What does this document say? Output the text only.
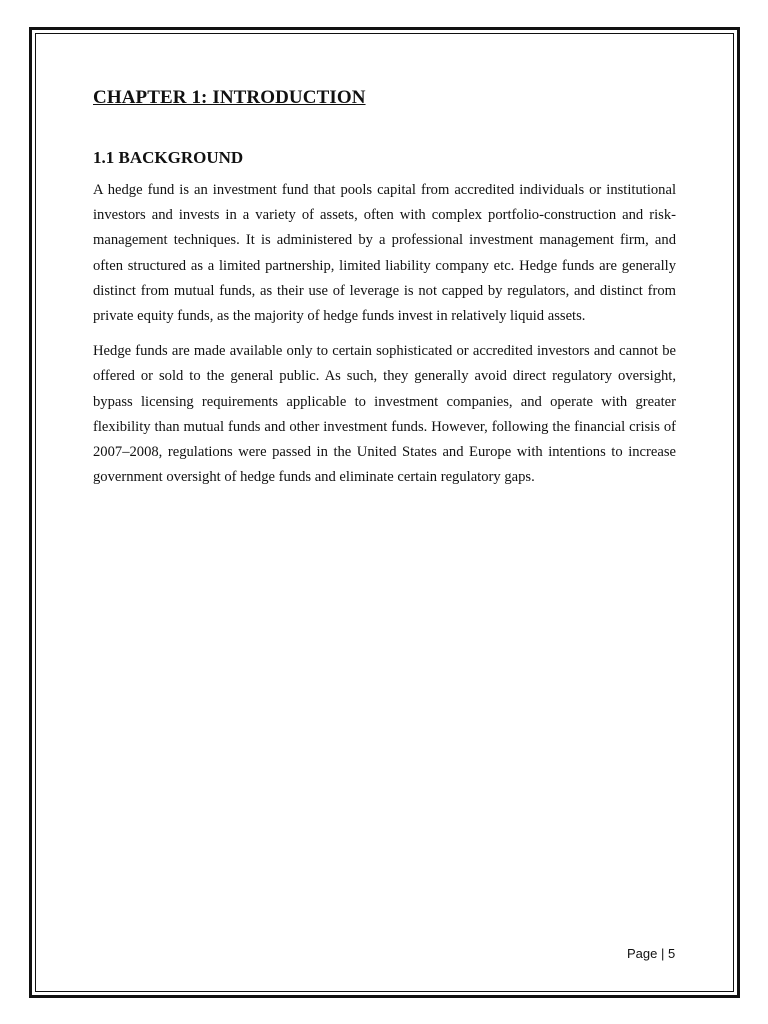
CHAPTER 1: INTRODUCTION
1.1 BACKGROUND

A hedge fund is an investment fund that pools capital from accredited individuals or institutional investors and invests in a variety of assets, often with complex portfolio-construction and risk-management techniques. It is administered by a professional investment management firm, and often structured as a limited partnership, limited liability company etc. Hedge funds are generally distinct from mutual funds, as their use of leverage is not capped by regulators, and distinct from private equity funds, as the majority of hedge funds invest in relatively liquid assets.

Hedge funds are made available only to certain sophisticated or accredited investors and cannot be offered or sold to the general public. As such, they generally avoid direct regulatory oversight, bypass licensing requirements applicable to investment companies, and operate with greater flexibility than mutual funds and other investment funds. However, following the financial crisis of 2007–2008, regulations were passed in the United States and Europe with intentions to increase government oversight of hedge funds and eliminate certain regulatory gaps.

Page | 5
